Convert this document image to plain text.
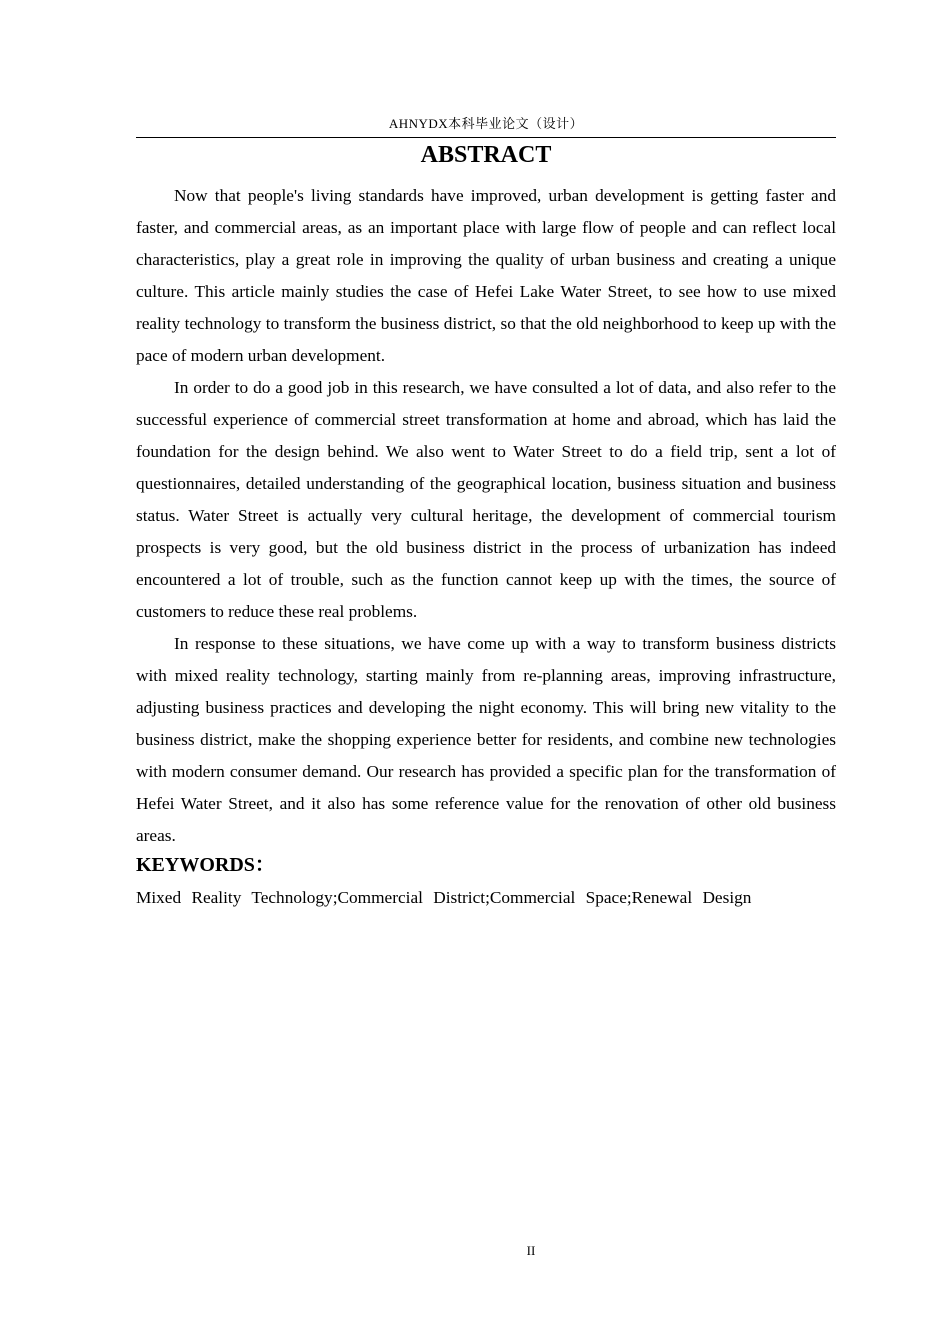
AHNYDX本科毕业论文（设计）
ABSTRACT

Now that people's living standards have improved, urban development is getting faster and faster, and commercial areas, as an important place with large flow of people and can reflect local characteristics, play a great role in improving the quality of urban business and creating a unique culture. This article mainly studies the case of Hefei Lake Water Street, to see how to use mixed reality technology to transform the business district, so that the old neighborhood to keep up with the pace of modern urban development.

In order to do a good job in this research, we have consulted a lot of data, and also refer to the successful experience of commercial street transformation at home and abroad, which has laid the foundation for the design behind. We also went to Water Street to do a field trip, sent a lot of questionnaires, detailed understanding of the geographical location, business situation and business status. Water Street is actually very cultural heritage, the development of commercial tourism prospects is very good, but the old business district in the process of urbanization has indeed encountered a lot of trouble, such as the function cannot keep up with the times, the source of customers to reduce these real problems.

In response to these situations, we have come up with a way to transform business districts with mixed reality technology, starting mainly from re-planning areas, improving infrastructure, adjusting business practices and developing the night economy. This will bring new vitality to the business district, make the shopping experience better for residents, and combine new technologies with modern consumer demand. Our research has provided a specific plan for the transformation of Hefei Water Street, and it also has some reference value for the renovation of other old business areas.

KEYWORDS：
Mixed Reality Technology;Commercial District;Commercial Space;Renewal Design
II
